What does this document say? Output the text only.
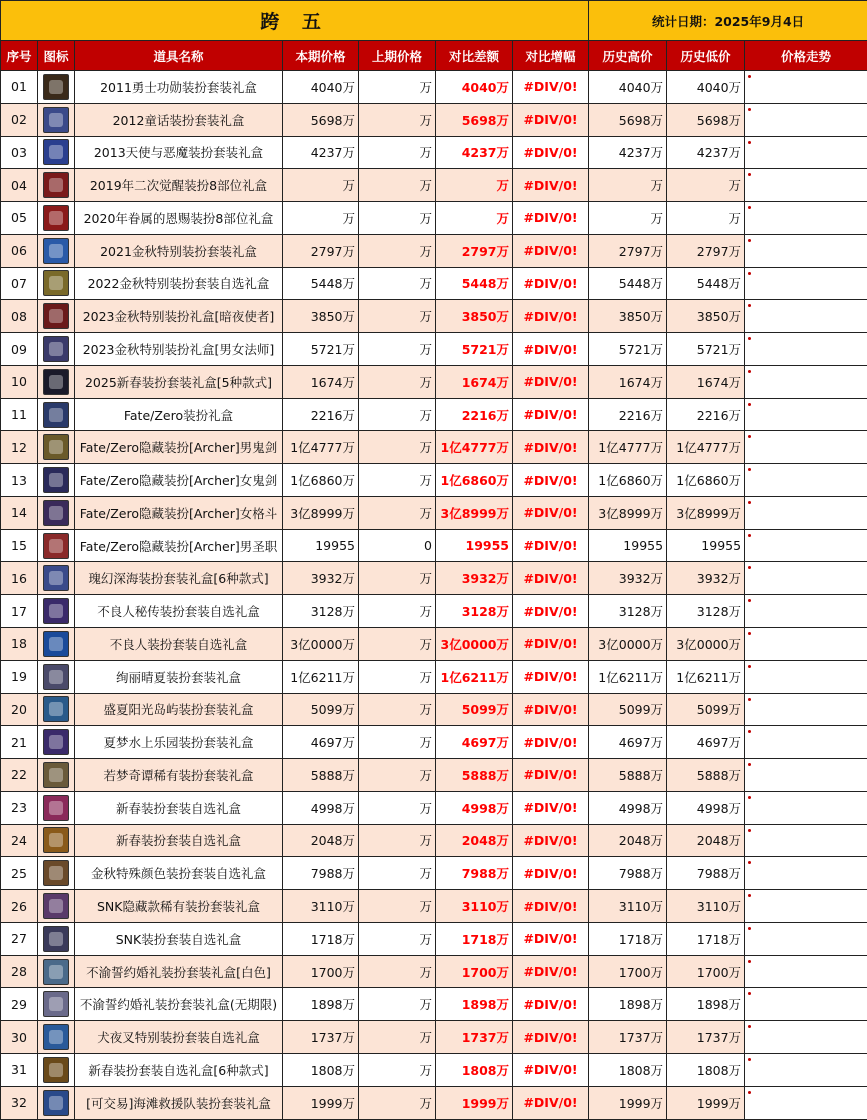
跨 五							统计日期：2025年9月4日		
序号	图标	道具名称	本期价格	上期价格	对比差额	对比增幅	历史高价	历史低价	价格走势
01		2011勇士功勋装扮套装礼盒	4040万	万	4040万	#DIV/0!	4040万	4040万	

02		2012童话装扮套装礼盒	5698万	万	5698万	#DIV/0!	5698万	5698万	

03		2013天使与恶魔装扮套装礼盒	4237万	万	4237万	#DIV/0!	4237万	4237万	

04		2019年二次觉醒装扮8部位礼盒	万	万	万	#DIV/0!	万	万	

05		2020年眷属的恩赐装扮8部位礼盒	万	万	万	#DIV/0!	万	万	

06		2021金秋特别装扮套装礼盒	2797万	万	2797万	#DIV/0!	2797万	2797万	

07		2022金秋特别装扮套装自选礼盒	5448万	万	5448万	#DIV/0!	5448万	5448万	

08		2023金秋特别装扮礼盒[暗夜使者]	3850万	万	3850万	#DIV/0!	3850万	3850万	

09		2023金秋特别装扮礼盒[男女法师]	5721万	万	5721万	#DIV/0!	5721万	5721万	

10		2025新春装扮套装礼盒[5种款式]	1674万	万	1674万	#DIV/0!	1674万	1674万	

11		Fate/Zero装扮礼盒	2216万	万	2216万	#DIV/0!	2216万	2216万	

12		Fate/Zero隐藏装扮[Archer]男鬼剑	1亿4777万	万	1亿4777万	#DIV/0!	1亿4777万	1亿4777万	

13		Fate/Zero隐藏装扮[Archer]女鬼剑	1亿6860万	万	1亿6860万	#DIV/0!	1亿6860万	1亿6860万	

14		Fate/Zero隐藏装扮[Archer]女格斗	3亿8999万	万	3亿8999万	#DIV/0!	3亿8999万	3亿8999万	

15		Fate/Zero隐藏装扮[Archer]男圣职	19955	0	19955	#DIV/0!	19955	19955	

16		瑰幻深海装扮套装礼盒[6种款式]	3932万	万	3932万	#DIV/0!	3932万	3932万	

17		不良人秘传装扮套装自选礼盒	3128万	万	3128万	#DIV/0!	3128万	3128万	

18		不良人装扮套装自选礼盒	3亿0000万	万	3亿0000万	#DIV/0!	3亿0000万	3亿0000万	

19		绚丽晴夏装扮套装礼盒	1亿6211万	万	1亿6211万	#DIV/0!	1亿6211万	1亿6211万	

20		盛夏阳光岛屿装扮套装礼盒	5099万	万	5099万	#DIV/0!	5099万	5099万	

21		夏梦水上乐园装扮套装礼盒	4697万	万	4697万	#DIV/0!	4697万	4697万	

22		若梦奇谭稀有装扮套装礼盒	5888万	万	5888万	#DIV/0!	5888万	5888万	

23		新春装扮套装自选礼盒	4998万	万	4998万	#DIV/0!	4998万	4998万	

24		新春装扮套装自选礼盒	2048万	万	2048万	#DIV/0!	2048万	2048万	

25		金秋特殊颜色装扮套装自选礼盒	7988万	万	7988万	#DIV/0!	7988万	7988万	

26		SNK隐藏款稀有装扮套装礼盒	3110万	万	3110万	#DIV/0!	3110万	3110万	

27		SNK装扮套装自选礼盒	1718万	万	1718万	#DIV/0!	1718万	1718万	

28		不渝誓约婚礼装扮套装礼盒[白色]	1700万	万	1700万	#DIV/0!	1700万	1700万	

29		不渝誓约婚礼装扮套装礼盒(无期限)	1898万	万	1898万	#DIV/0!	1898万	1898万	

30		犬夜叉特别装扮套装自选礼盒	1737万	万	1737万	#DIV/0!	1737万	1737万	

31		新春装扮套装自选礼盒[6种款式]	1808万	万	1808万	#DIV/0!	1808万	1808万	

32		[可交易]海滩救援队装扮套装礼盒	1999万	万	1999万	#DIV/0!	1999万	1999万	
